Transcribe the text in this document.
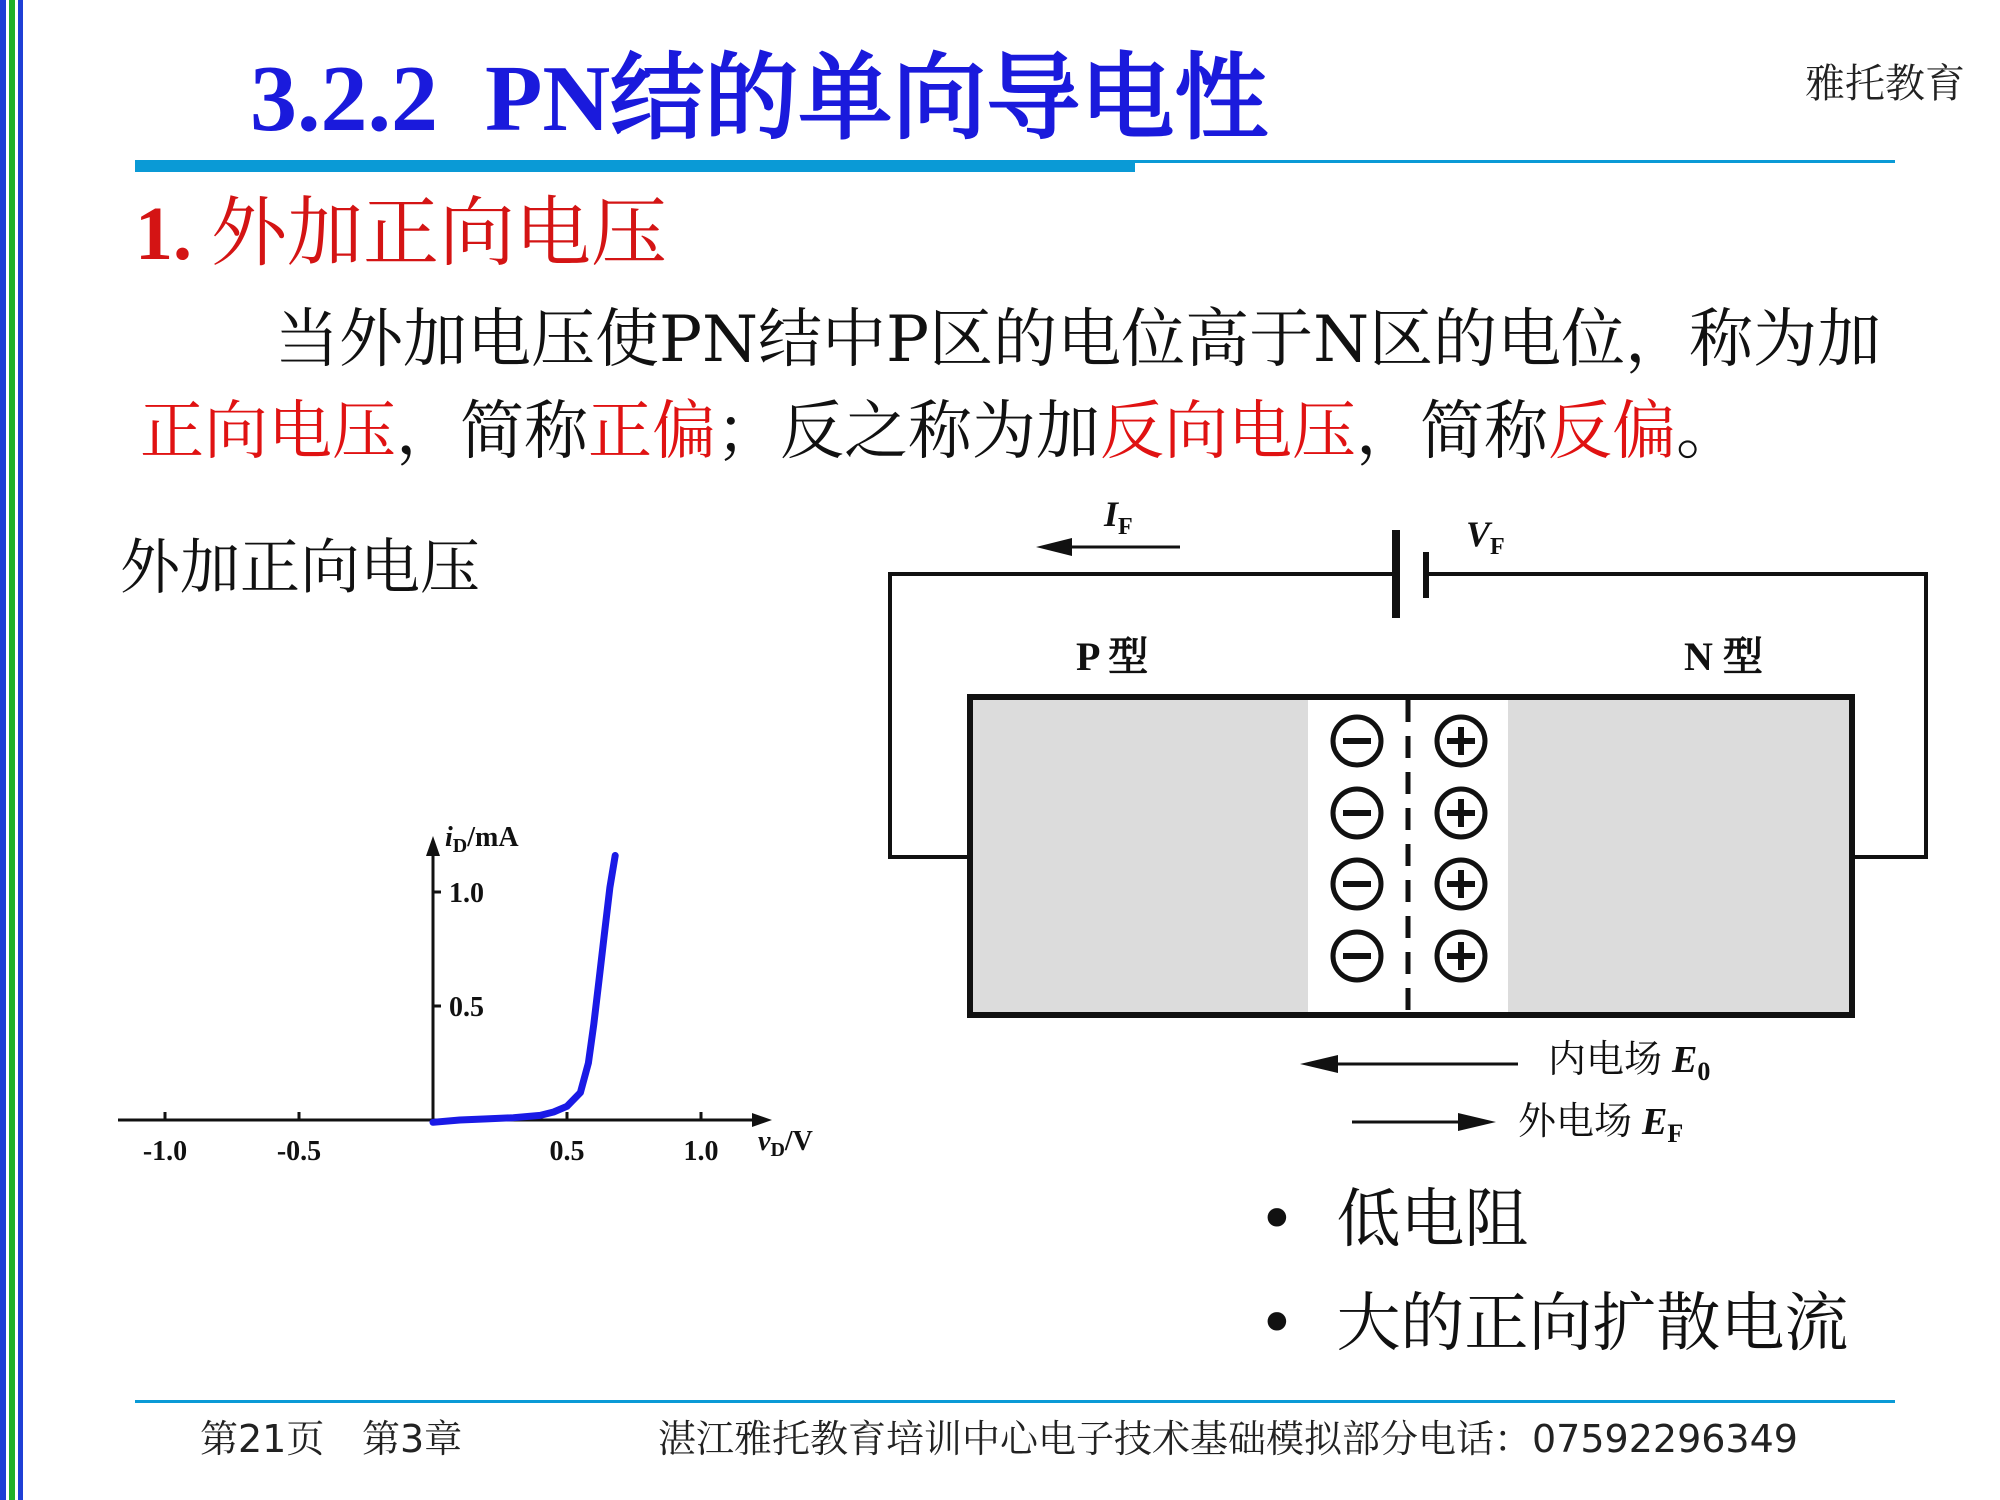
3.2.2 PN结的单向导电性	雅托教育
1. 外加正向电压
当外加电压使PN结中P区的电位高于N区的电位，称为加
正向电压，简称正偏；反之称为加反向电压，简称反偏。
外加正向电压
-1.0	-0.5	0.5	1.0
1.0
0.5
$i_D/mA$
$v_D/V$
$I_F$	$V_F$
P 型	N 型
内电场 $E_0$
外电场 $E_F$
•  低电阻
•  大的正向扩散电流
第21页 第3章	湛江雅托教育培训中心电子技术基础模拟部分电话：07592296349
